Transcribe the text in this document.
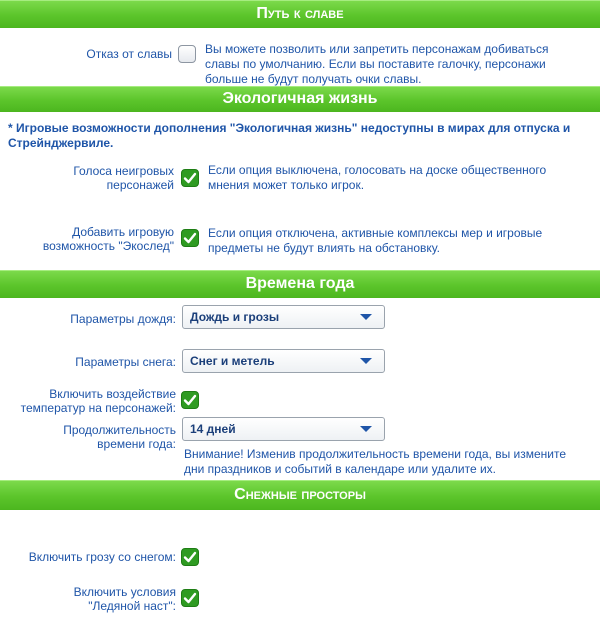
Путь к славе
Отказ от славы	Вы можете позволить или запретить персонажам добиваться славы по умолчанию. Если вы поставите галочку, персонажи больше не будут получать очки славы.
Экологичная жизнь
* Игровые возможности дополнения "Экологичная жизнь" недоступны в мирах для отпуска и Стрейнджервиле.
Голоса неигровых персонажей
Если опция выключена, голосовать на доске общественного мнения может только игрок.
Добавить игровую возможность "Экослед"
Если опция отключена, активные комплексы мер и игровые предметы не будут влиять на обстановку.
Времена года
Параметры дождя: Дождь и грозы
Параметры снега: Снег и метель
Включить воздействие температур на персонажей:
Продолжительность времени года:
14 дней
Внимание! Изменив продолжительность времени года, вы измените дни праздников и событий в календаре или удалите их.
Снежные просторы
Включить грозу со снегом:
Включить условия "Ледяной наст":
